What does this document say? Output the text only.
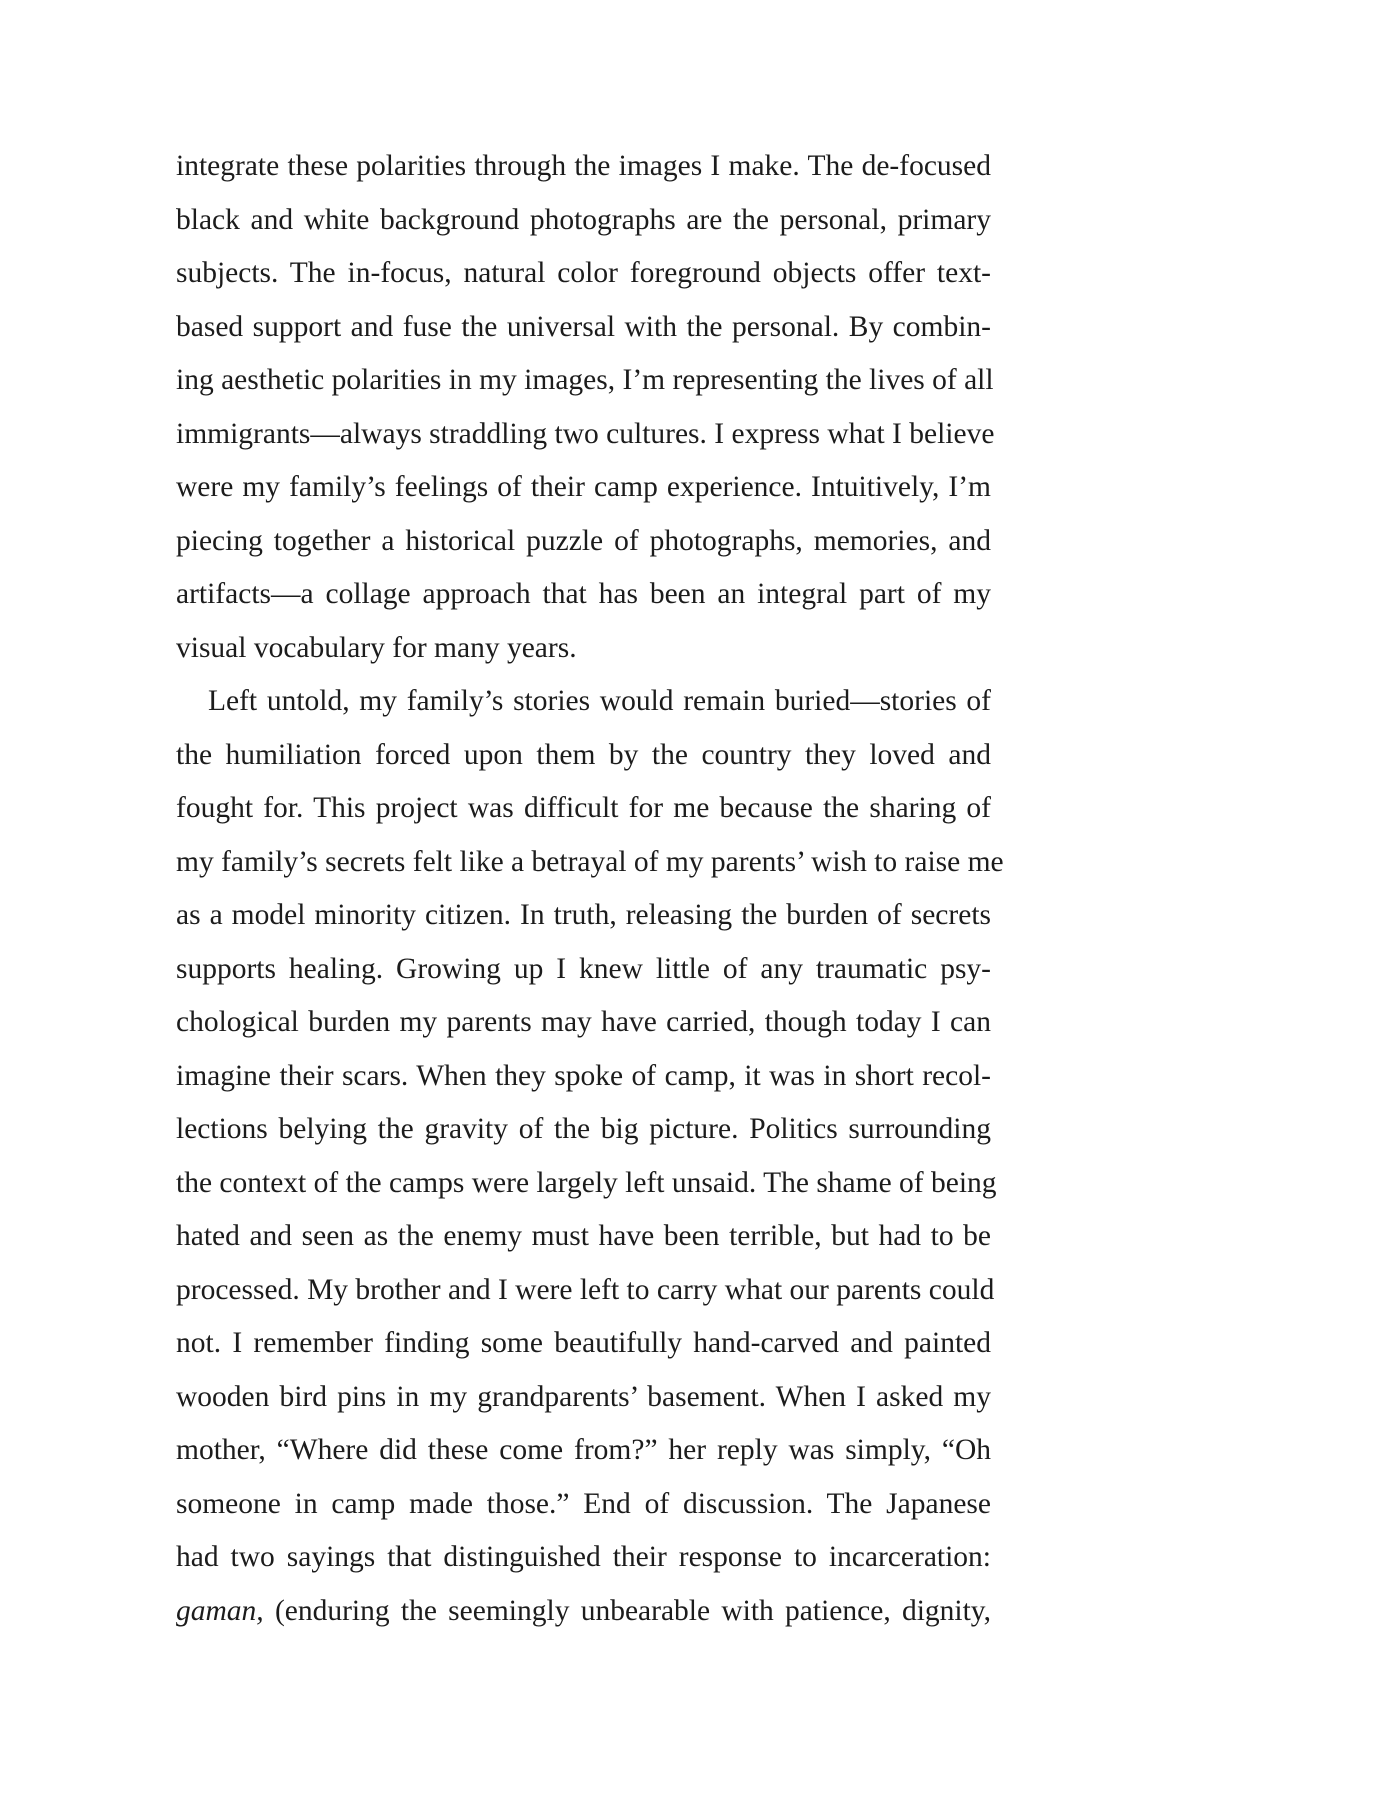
integrate these polarities through the images I make. The de-focused
black and white background photographs are the personal, primary
subjects. The in-focus, natural color foreground objects offer text-
based support and fuse the universal with the personal. By combin-
ing aesthetic polarities in my images, I’m representing the lives of all
immigrants—always straddling two cultures. I express what I believe
were my family’s feelings of their camp experience. Intuitively, I’m
piecing together a historical puzzle of photographs, memories, and
artifacts—a collage approach that has been an integral part of my
visual vocabulary for many years.
Left untold, my family’s stories would remain buried—stories of
the humiliation forced upon them by the country they loved and
fought for. This project was difficult for me because the sharing of
my family’s secrets felt like a betrayal of my parents’ wish to raise me
as a model minority citizen. In truth, releasing the burden of secrets
supports healing. Growing up I knew little of any traumatic psy-
chological burden my parents may have carried, though today I can
imagine their scars. When they spoke of camp, it was in short recol-
lections belying the gravity of the big picture. Politics surrounding
the context of the camps were largely left unsaid. The shame of being
hated and seen as the enemy must have been terrible, but had to be
processed. My brother and I were left to carry what our parents could
not. I remember finding some beautifully hand-carved and painted
wooden bird pins in my grandparents’ basement. When I asked my
mother, “Where did these come from?” her reply was simply, “Oh
someone in camp made those.” End of discussion. The Japanese
had two sayings that distinguished their response to incarceration:
gaman, (enduring the seemingly unbearable with patience, dignity,
